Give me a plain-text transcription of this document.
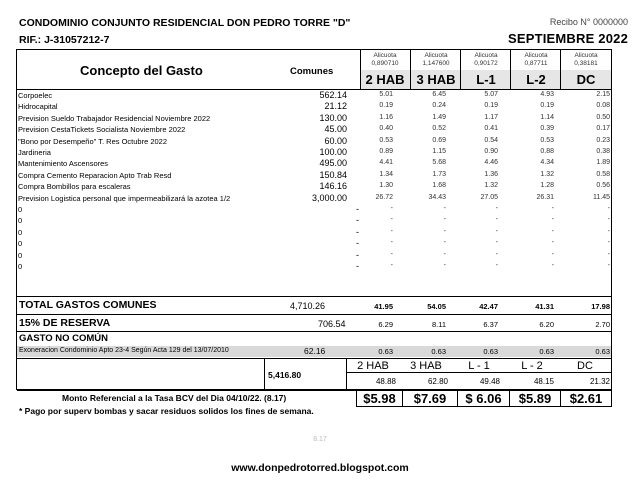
CONDOMINIO CONJUNTO RESIDENCIAL DON PEDRO TORRE "D"
RIF.: J-31057212-7
Recibo N° 0000000
SEPTIEMBRE 2022
Concepto del Gasto	Comunes
Alicuota	Alicuota	Alicuota	Alicuota	Alicuota
0,890710	1,147600	0,90172	0,87711	0,38181
2 HAB 3 HAB	L-1	L-2	DC
Corpoelec	562.14	5.01	6.45	5.07	4.93	2.15
Hidrocapital	21.12	0.19	0.24	0.19	0.19	0.08
Prevision Sueldo Trabajador Residencial Noviembre 2022	130.00	1.16	1.49	1.17	1.14	0.50
Prevision CestaTickets Socialista Noviembre 2022	45.00	0.40	0.52	0.41	0.39	0.17
"Bono por Desempeño" T. Res Octubre 2022	60.00	0.53	0.69	0.54	0.53	0.23
Jardineria	100.00	0.89	1.15	0.90	0.88	0.38
Mantenimiento Ascensores	495.00	4.41	5.68	4.46	4.34	1.89
Compra Cemento Reparacion Apto Trab Resd	150.84	1.34	1.73	1.36	1.32	0.58
Compra Bombillos para escaleras	146.16	1.30	1.68	1.32	1.28	0.56
Prevision Logistica personal que impermeabilizará la azotea 1/2	3,000.00	26.72	34.43	27.05	26.31	11.45
0	-	-	-	-	-	-
0	-	-	-	-	-	-
0	-	-	-	-	-	-
0	-	-	-	-	-	-
0	-	-	-	-	-	-
0	-	-	-	-	-	-
TOTAL GASTOS COMUNES	4,710.26	41.95	54.05	42.47	41.31	17.98
15% DE RESERVA	706.54	6.29	8.11	6.37	6.20	2.70
GASTO NO COMÚN
Exoneracion Condominio Apto 23-4 Según Acta 129 del 13/07/2010	62.16	0.63	0.63	0.63	0.63	0.63
5,416.80
2 HAB	3 HAB	L - 1	L - 2	DC
48.88	62.80	49.48	48.15	21.32
Monto Referencial a la Tasa BCV del Dia 04/10/22. (8.17)	$5.98	$7.69	$ 6.06	$5.89	$2.61
* Pago por superv bombas y sacar residuos solidos los fines de semana.
8.17
www.donpedrotorred.blogspot.com
